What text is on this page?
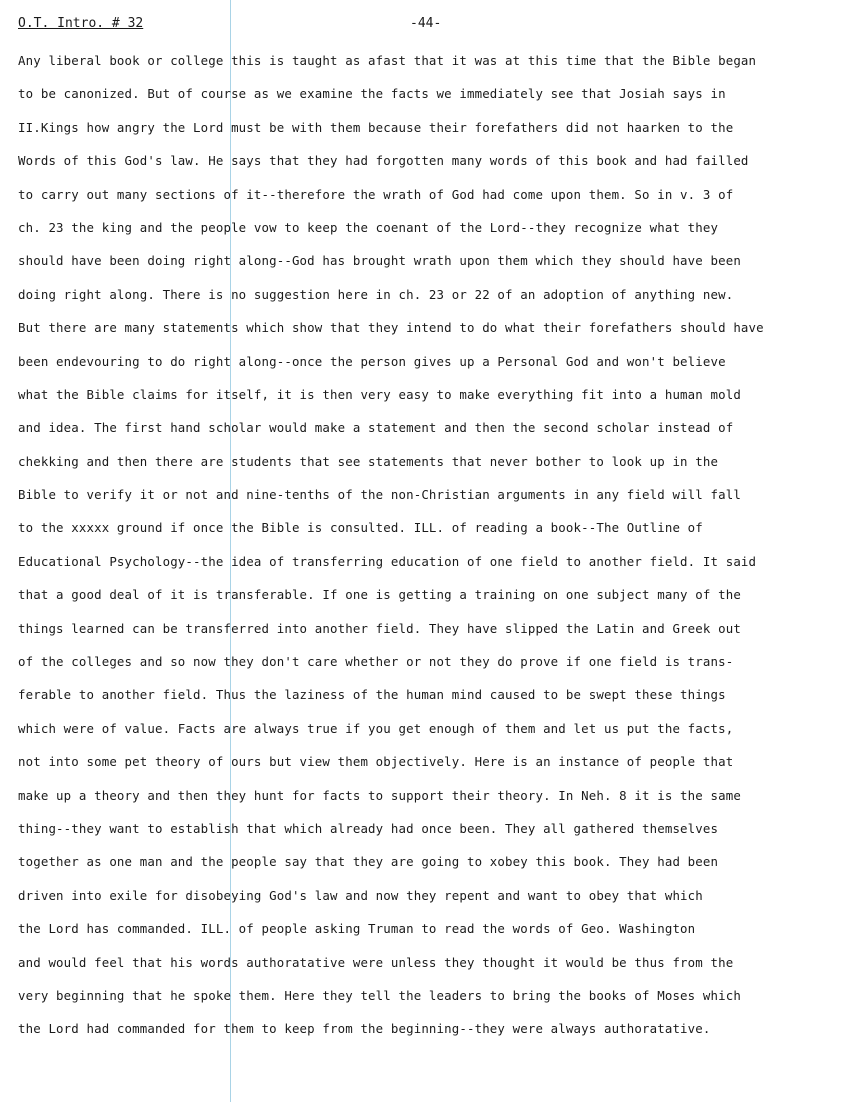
O.T. Intro. # 32	-44-
Any liberal book or college this is taught as afast that it was at this time that the Bible began
to be canonized. But of course as we examine the facts we immediately see that Josiah says in
II.Kings how angry the Lord must be with them because their forefathers did not haarken to the
Words of this God's law. He says that they had forgotten many words of this book and had failled
to carry out many sections of it--therefore the wrath of God had come upon them. So in v. 3 of
ch. 23 the king and the people vow to keep the coenant of the Lord--they recognize what they
should have been doing right along--God has brought wrath upon them which they should have been
doing right along. There is no suggestion here in ch. 23 or 22 of an adoption of anything new.
But there are many statements which show that they intend to do what their forefathers should have
been endevouring to do right along--once the person gives up a Personal God and won't believe
what the Bible claims for itself, it is then very easy to make everything fit into a human mold
and idea. The first hand scholar would make a statement and then the second scholar instead of
chekking and then there are students that see statements that never bother to look up in the
Bible to verify it or not and nine-tenths of the non-Christian arguments in any field will fall
to the xxxxx ground if once the Bible is consulted. ILL. of reading a book--The Outline of
Educational Psychology--the idea of transferring education of one field to another field. It said
that a good deal of it is transferable. If one is getting a training on one subject many of the
things learned can be transferred into another field. They have slipped the Latin and Greek out
of the colleges and so now they don't care whether or not they do prove if one field is trans-
ferable to another field. Thus the laziness of the human mind caused to be swept these things
which were of value. Facts are always true if you get enough of them and let us put the facts,
not into some pet theory of ours but view them objectively. Here is an instance of people that
make up a theory and then they hunt for facts to support their theory. In Neh. 8 it is the same
thing--they want to establish that which already had once been. They all gathered themselves
together as one man and the people say that they are going to xobey this book. They had been
driven into exile for disobeying God's law and now they repent and want to obey that which
the Lord has commanded. ILL. of people asking Truman to read the words of Geo. Washington
and would feel that his words authoratative were unless they thought it would be thus from the
very beginning that he spoke them. Here they tell the leaders to bring the books of Moses which
the Lord had commanded for them to keep from the beginning--they were always authoratative.
